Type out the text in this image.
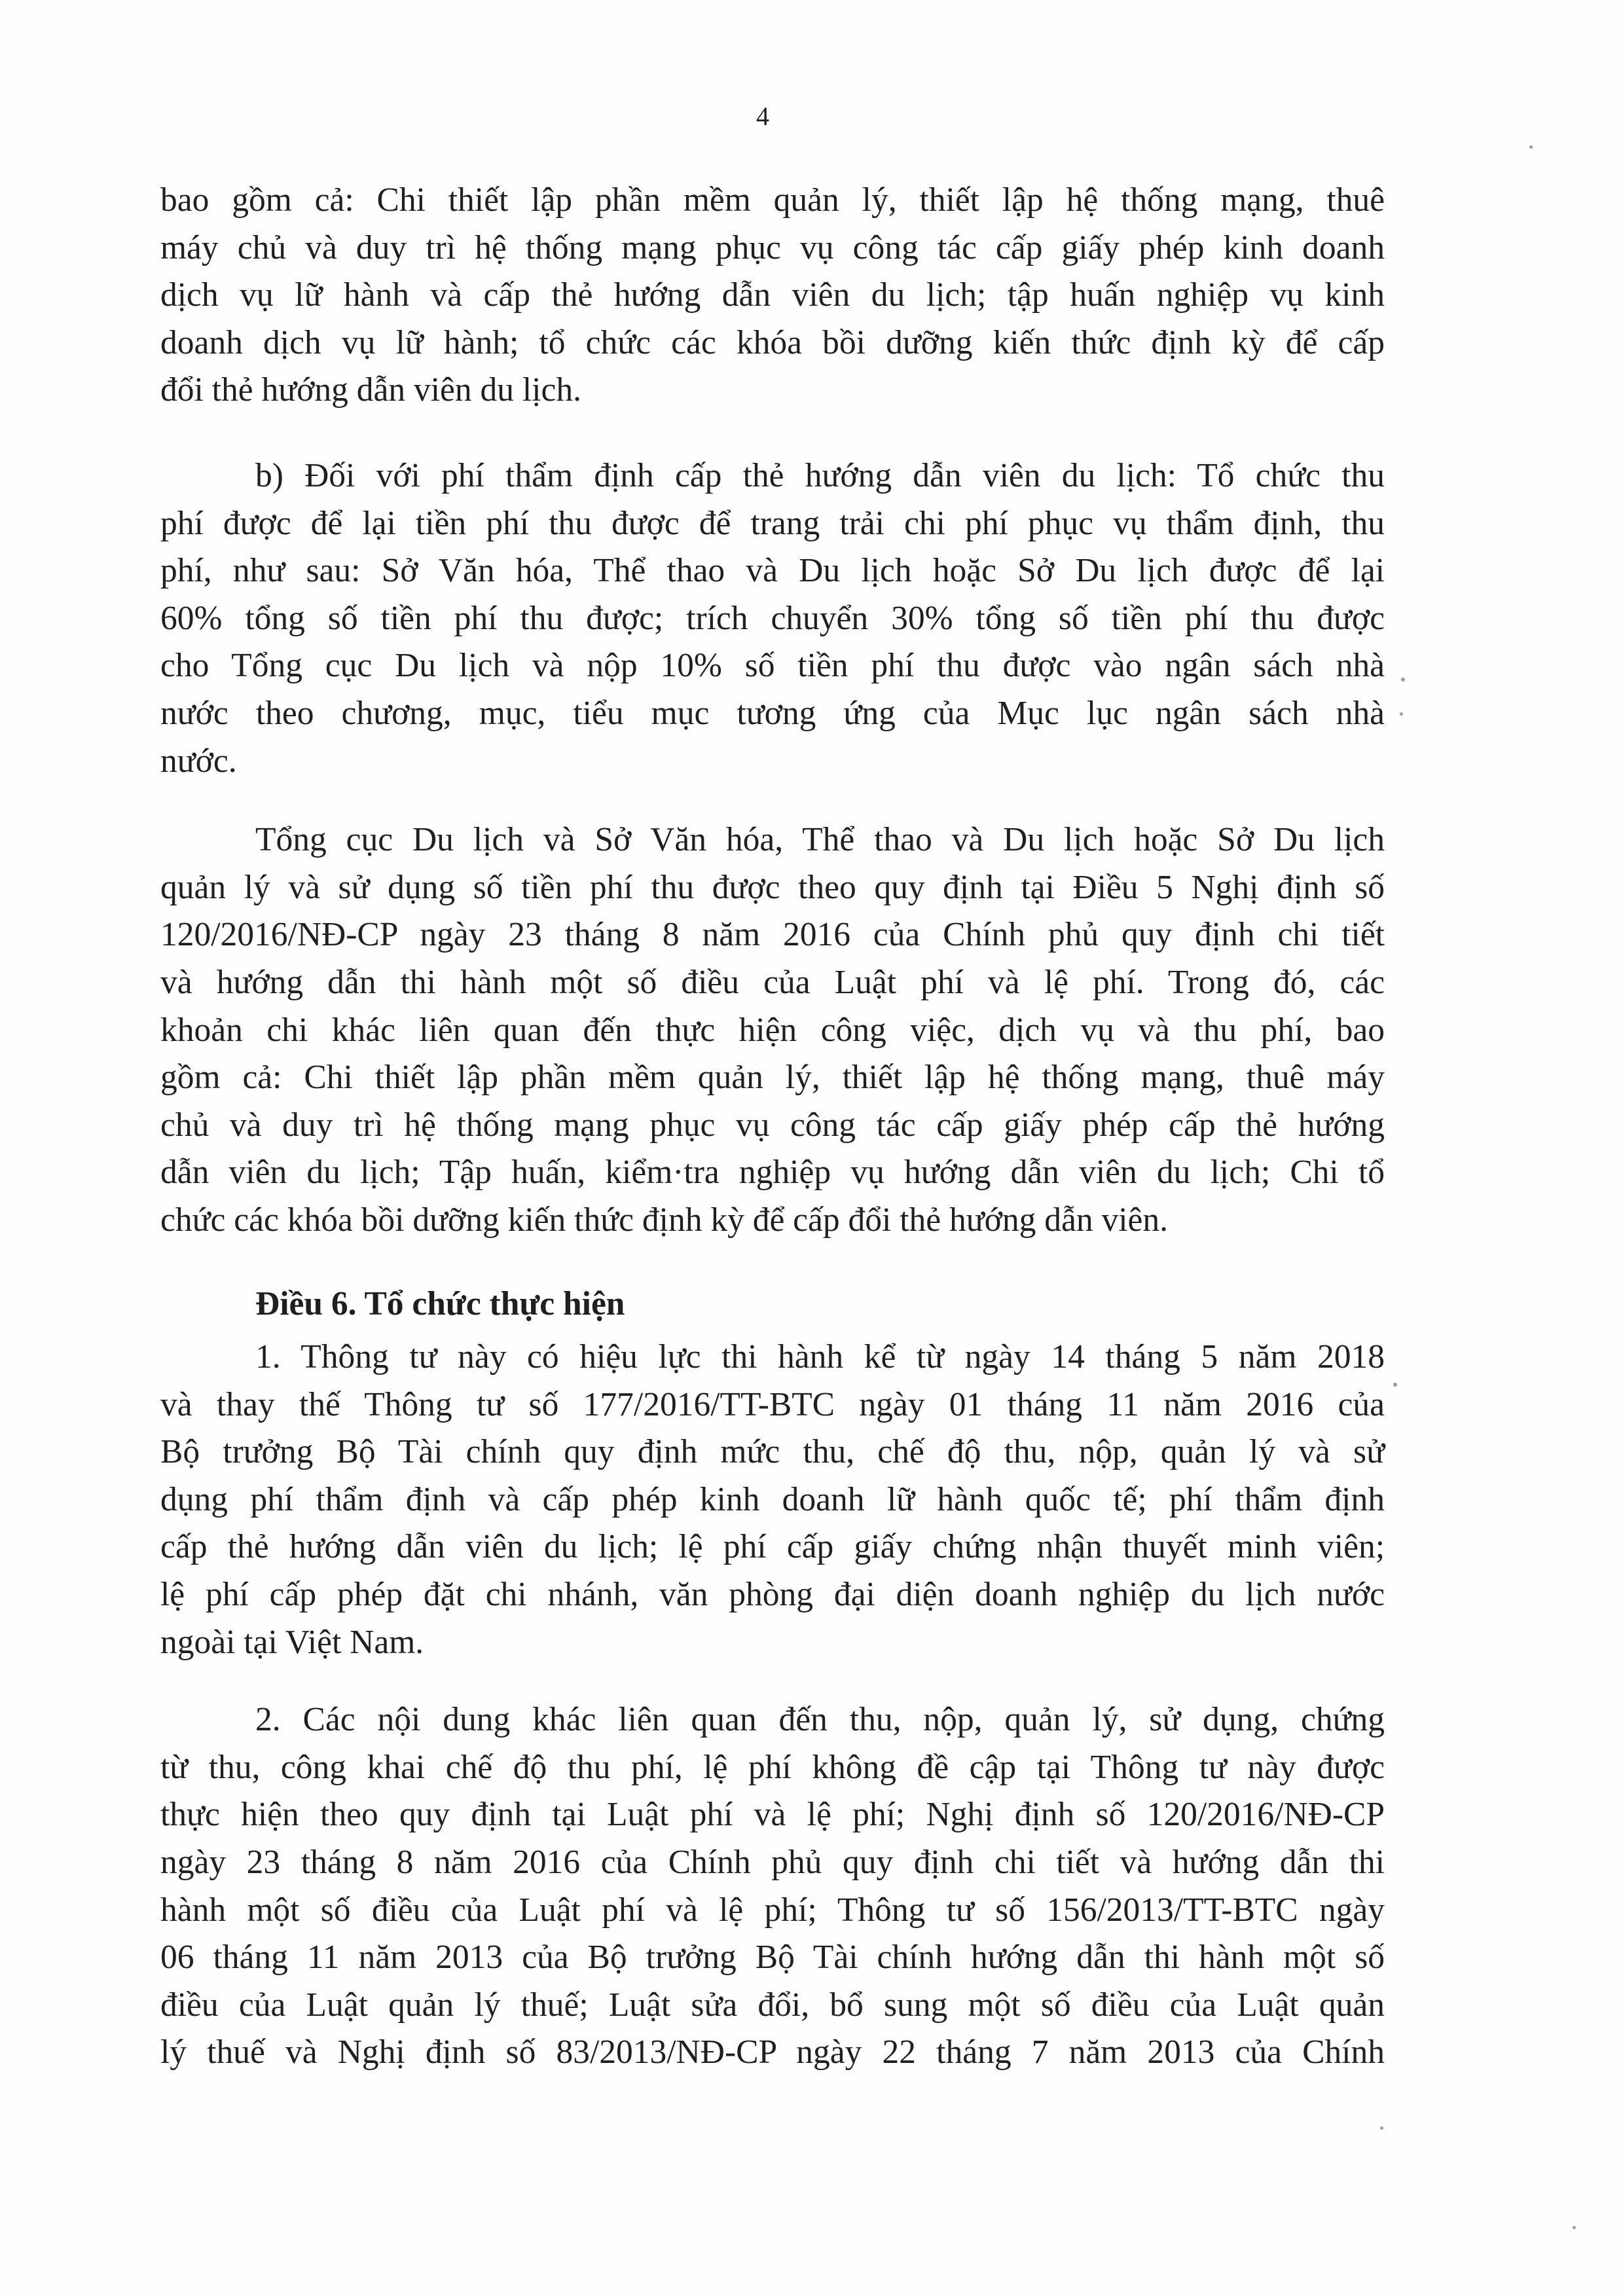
4

bao gồm cả: Chi thiết lập phần mềm quản lý, thiết lập hệ thống mạng, thuê
máy chủ và duy trì hệ thống mạng phục vụ công tác cấp giấy phép kinh doanh
dịch vụ lữ hành và cấp thẻ hướng dẫn viên du lịch; tập huấn nghiệp vụ kinh
doanh dịch vụ lữ hành; tổ chức các khóa bồi dưỡng kiến thức định kỳ để cấp
đổi thẻ hướng dẫn viên du lịch.

b) Đối với phí thẩm định cấp thẻ hướng dẫn viên du lịch: Tổ chức thu
phí được để lại tiền phí thu được để trang trải chi phí phục vụ thẩm định, thu
phí, như sau: Sở Văn hóa, Thể thao và Du lịch hoặc Sở Du lịch được để lại
60% tổng số tiền phí thu được; trích chuyển 30% tổng số tiền phí thu được
cho Tổng cục Du lịch và nộp 10% số tiền phí thu được vào ngân sách nhà
nước theo chương, mục, tiểu mục tương ứng của Mục lục ngân sách nhà
nước.

Tổng cục Du lịch và Sở Văn hóa, Thể thao và Du lịch hoặc Sở Du lịch
quản lý và sử dụng số tiền phí thu được theo quy định tại Điều 5 Nghị định số
120/2016/NĐ-CP ngày 23 tháng 8 năm 2016 của Chính phủ quy định chi tiết
và hướng dẫn thi hành một số điều của Luật phí và lệ phí. Trong đó, các
khoản chi khác liên quan đến thực hiện công việc, dịch vụ và thu phí, bao
gồm cả: Chi thiết lập phần mềm quản lý, thiết lập hệ thống mạng, thuê máy
chủ và duy trì hệ thống mạng phục vụ công tác cấp giấy phép cấp thẻ hướng
dẫn viên du lịch; Tập huấn, kiểm·tra nghiệp vụ hướng dẫn viên du lịch; Chi tổ
chức các khóa bồi dưỡng kiến thức định kỳ để cấp đổi thẻ hướng dẫn viên.

Điều 6. Tổ chức thực hiện

1. Thông tư này có hiệu lực thi hành kể từ ngày 14 tháng 5 năm 2018
và thay thế Thông tư số 177/2016/TT-BTC ngày 01 tháng 11 năm 2016 của
Bộ trưởng Bộ Tài chính quy định mức thu, chế độ thu, nộp, quản lý và sử
dụng phí thẩm định và cấp phép kinh doanh lữ hành quốc tế; phí thẩm định
cấp thẻ hướng dẫn viên du lịch; lệ phí cấp giấy chứng nhận thuyết minh viên;
lệ phí cấp phép đặt chi nhánh, văn phòng đại diện doanh nghiệp du lịch nước
ngoài tại Việt Nam.

2. Các nội dung khác liên quan đến thu, nộp, quản lý, sử dụng, chứng
từ thu, công khai chế độ thu phí, lệ phí không đề cập tại Thông tư này được
thực hiện theo quy định tại Luật phí và lệ phí; Nghị định số 120/2016/NĐ-CP
ngày 23 tháng 8 năm 2016 của Chính phủ quy định chi tiết và hướng dẫn thi
hành một số điều của Luật phí và lệ phí; Thông tư số 156/2013/TT-BTC ngày
06 tháng 11 năm 2013 của Bộ trưởng Bộ Tài chính hướng dẫn thi hành một số
điều của Luật quản lý thuế; Luật sửa đổi, bổ sung một số điều của Luật quản
lý thuế và Nghị định số 83/2013/NĐ-CP ngày 22 tháng 7 năm 2013 của Chính
